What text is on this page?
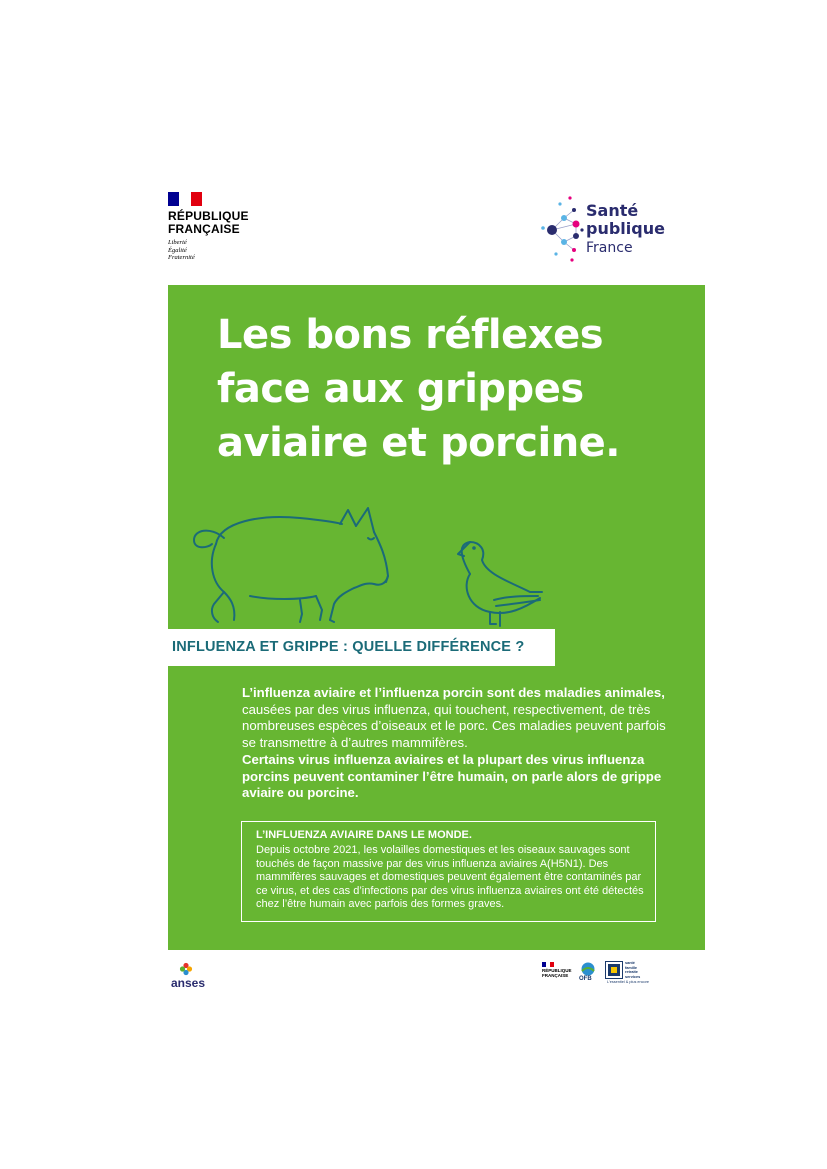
RÉPUBLIQUE
FRANÇAISE
Liberté
Égalité
Fraternité
Santé
publique
France
Les bons réflexes
face aux grippes
aviaire et porcine.
INFLUENZA ET GRIPPE : QUELLE DIFFÉRENCE ?
L’influenza aviaire et l’influenza porcin sont des maladies animales, causées par des virus influenza, qui touchent, respectivement, de très nombreuses espèces d’oiseaux et le porc. Ces maladies peuvent parfois se transmettre à d’autres mammifères.
Certains virus influenza aviaires et la plupart des virus influenza porcins peuvent contaminer l’être humain, on parle alors de grippe aviaire ou porcine.
L’INFLUENZA AVIAIRE DANS LE MONDE.
Depuis octobre 2021, les volailles domestiques et les oiseaux sauvages sont touchés de façon massive par des virus influenza aviaires A(H5N1). Des mammifères sauvages et domestiques peuvent également être contaminés par ce virus, et des cas d’infections par des virus influenza aviaires ont été détectés chez l’être humain avec parfois des formes graves.
anses
RÉPUBLIQUE
FRANÇAISE
OFB
santé
famille
retraite
services
L’essentiel & plus encore
